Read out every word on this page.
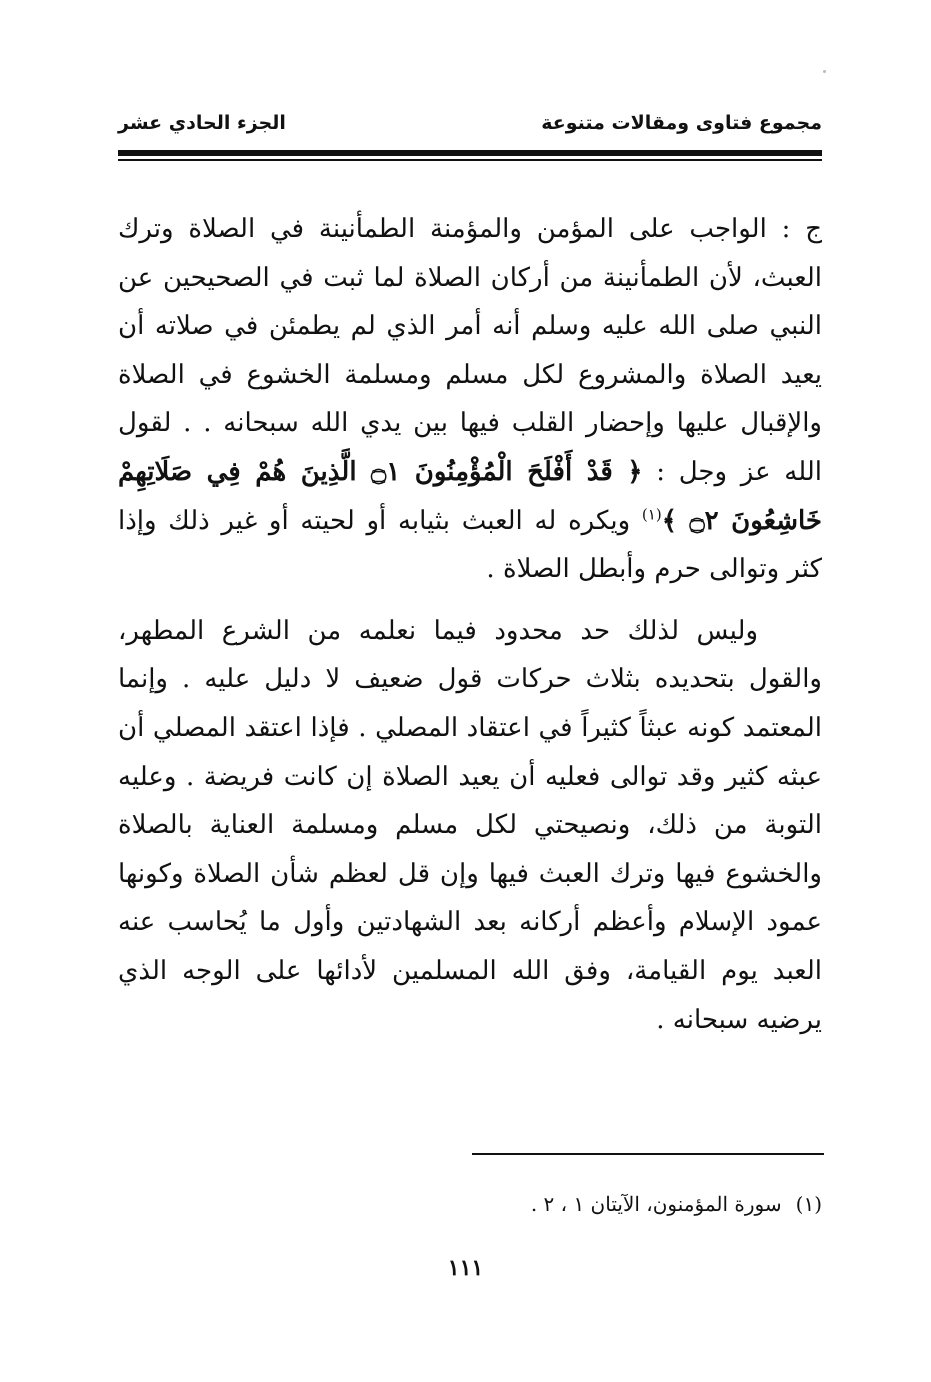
مجموع فتاوى ومقالات متنوعة
الجزء الحادي عشر

ج : الواجب على المؤمن والمؤمنة الطمأنينة في الصلاة وترك العبث، لأن الطمأنينة من أركان الصلاة لما ثبت في الصحيحين عن النبي صلى الله عليه وسلم أنه أمر الذي لم يطمئن في صلاته أن يعيد الصلاة والمشروع لكل مسلم ومسلمة الخشوع في الصلاة والإقبال عليها وإحضار القلب فيها بين يدي الله سبحانه . . لقول الله عز وجل : ﴿ قَدْ أَفْلَحَ الْمُؤْمِنُونَ ۝١ الَّذِينَ هُمْ فِي صَلَاتِهِمْ خَاشِعُونَ ۝٢ ﴾$^{(١)}$ ويكره له العبث بثيابه أو لحيته أو غير ذلك وإذا كثر وتوالى حرم وأبطل الصلاة .

وليس لذلك حد محدود فيما نعلمه من الشرع المطهر، والقول بتحديده بثلاث حركات قول ضعيف لا دليل عليه . وإنما المعتمد كونه عبثاً كثيراً في اعتقاد المصلي . فإذا اعتقد المصلي أن عبثه كثير وقد توالى فعليه أن يعيد الصلاة إن كانت فريضة . وعليه التوبة من ذلك، ونصيحتي لكل مسلم ومسلمة العناية بالصلاة والخشوع فيها وترك العبث فيها وإن قل لعظم شأن الصلاة وكونها عمود الإسلام وأعظم أركانه بعد الشهادتين وأول ما يُحاسب عنه العبد يوم القيامة، وفق الله المسلمين لأدائها على الوجه الذي يرضيه سبحانه .

(١)سورة المؤمنون، الآيتان ١ ، ٢ .
١١١
